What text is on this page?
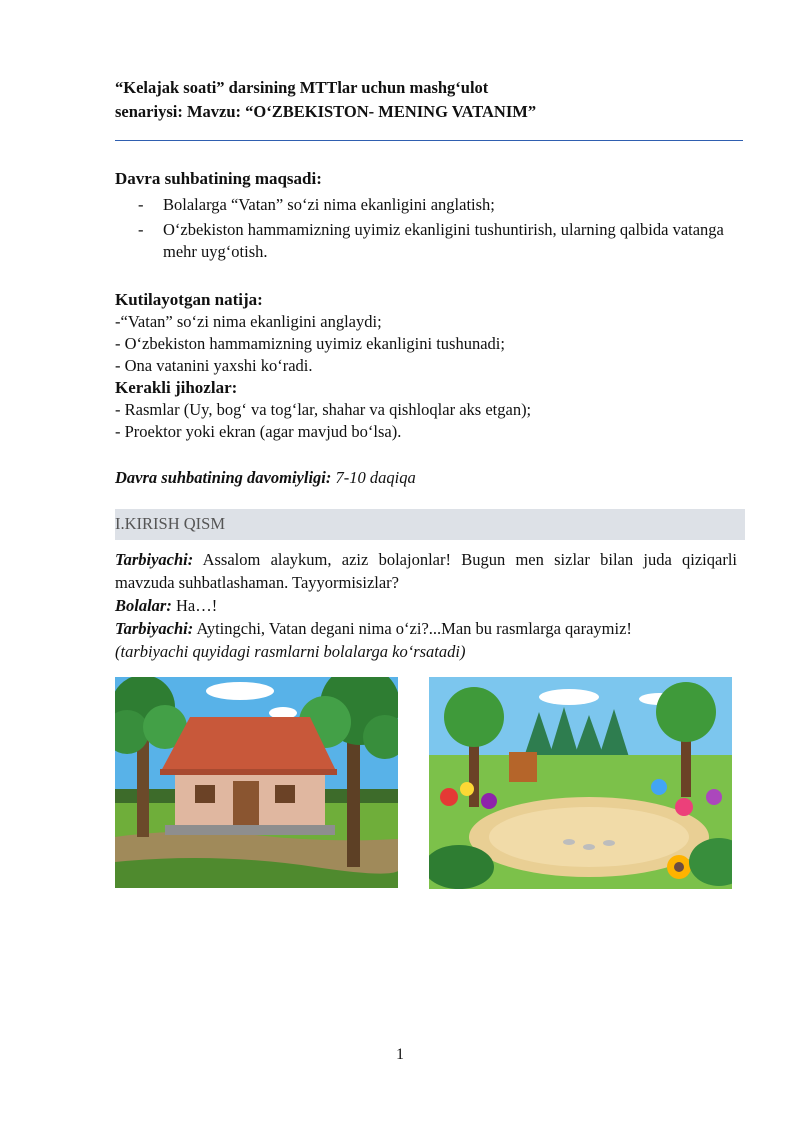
“Kelajak soati” darsining MTTlar uchun mashg‘ulot
senariysi: Mavzu: “O‘ZBEKISTON- MENING VATANIM”
Davra suhbatining maqsadi:
- Bolalarga “Vatan” so‘zi nima ekanligini anglatish;
- O‘zbekiston hammamizning uyimiz ekanligini tushuntirish, ularning qalbida vatanga mehr uyg‘otish.
Kutilayotgan natija:
-“Vatan” so‘zi nima ekanligini anglaydi;
- O‘zbekiston hammamizning uyimiz ekanligini tushunadi;
- Ona vatanini yaxshi ko‘radi.
Kerakli jihozlar:
- Rasmlar (Uy, bog‘ va tog‘lar, shahar va qishloqlar aks etgan);
- Proektor yoki ekran (agar mavjud bo‘lsa).
Davra suhbatining davomiyligi: 7-10 daqiqa
I.KIRISH QISM
Tarbiyachi: Assalom alaykum, aziz bolajonlar! Bugun men sizlar bilan juda qiziqarli mavzuda suhbatlashaman. Tayyormisizlar?
Bolalar: Ha…!
Tarbiyachi: Aytingchi, Vatan degani nima o‘zi?...Man bu rasmlarga qaraymiz!
(tarbiyachi quyidagi rasmlarni bolalarga ko‘rsatadi)
1
